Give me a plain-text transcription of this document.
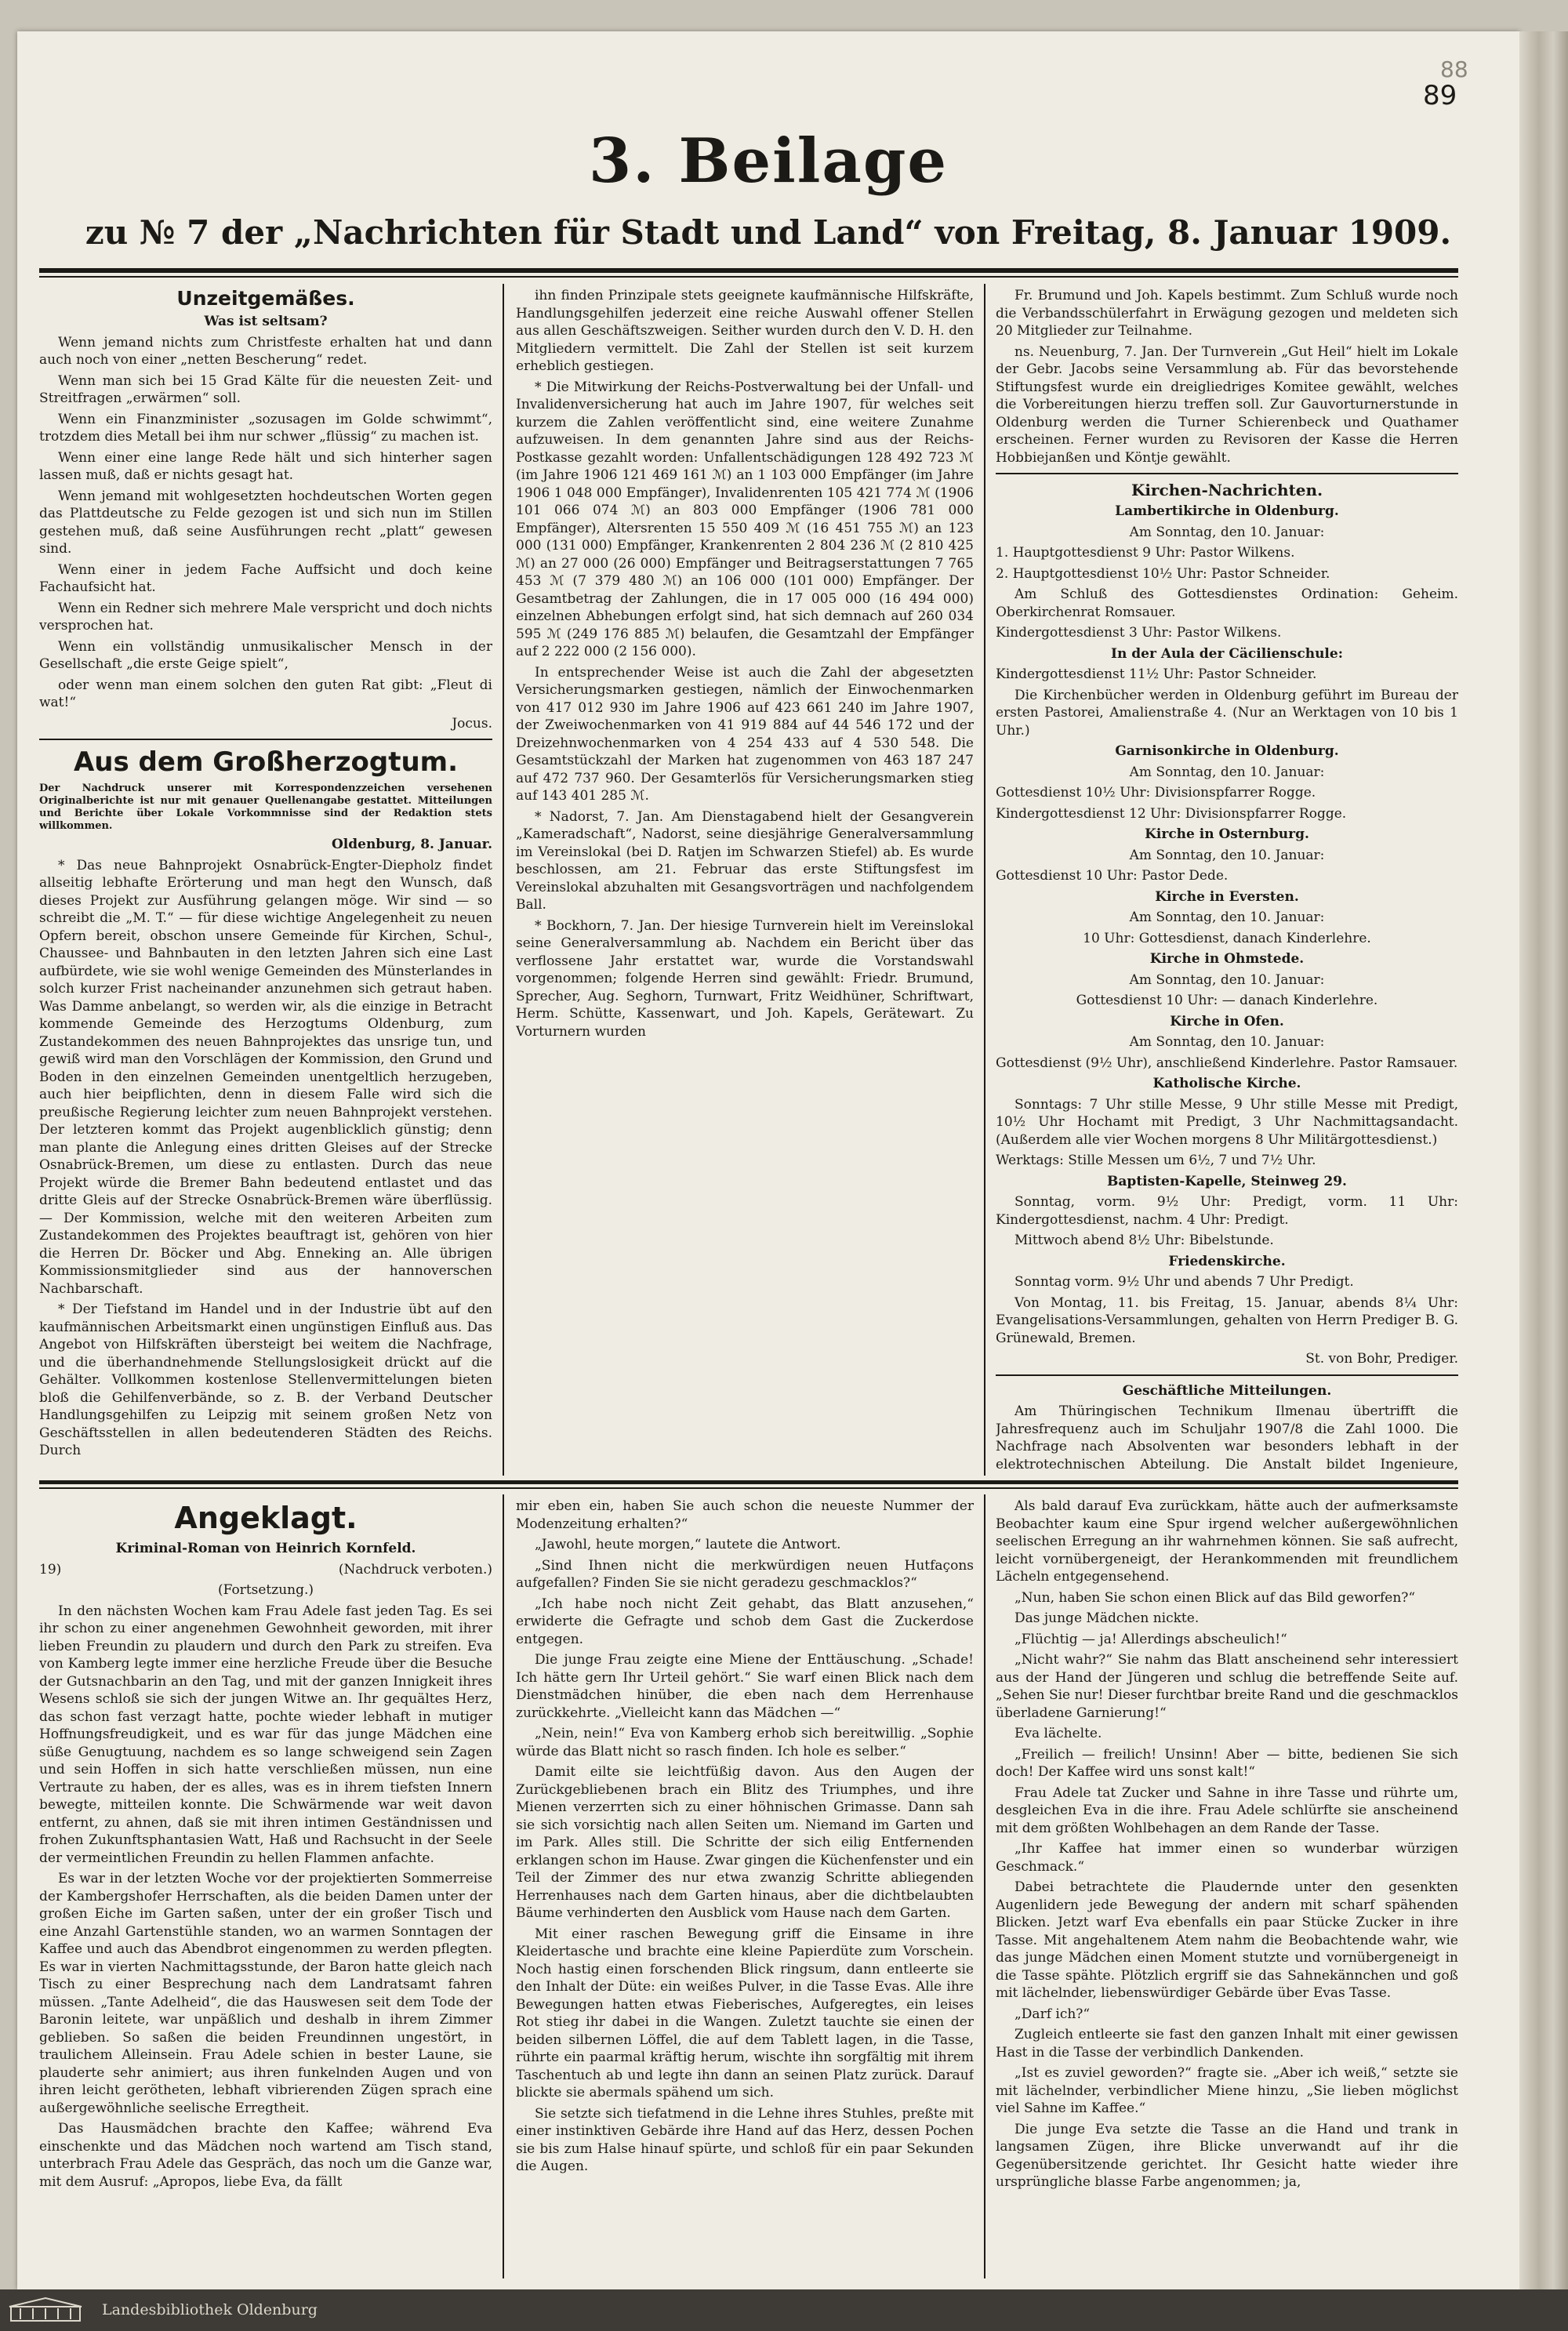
88
89
3. Beilage
zu № 7 der „Nachrichten für Stadt und Land“ von Freitag, 8. Januar 1909.
Unzeitgemäßes.

Was ist seltsam?

Wenn jemand nichts zum Christfeste erhalten hat und dann auch noch von einer „netten Bescherung“ redet.

Wenn man sich bei 15 Grad Kälte für die neuesten Zeit- und Streitfragen „erwärmen“ soll.

Wenn ein Finanzminister „sozusagen im Golde schwimmt“, trotzdem dies Metall bei ihm nur schwer „flüssig“ zu machen ist.

Wenn einer eine lange Rede hält und sich hinterher sagen lassen muß, daß er nichts gesagt hat.

Wenn jemand mit wohlgesetzten hochdeutschen Worten gegen das Plattdeutsche zu Felde gezogen ist und sich nun im Stillen gestehen muß, daß seine Ausführungen recht „platt“ gewesen sind.

Wenn einer in jedem Fache Auffsicht und doch keine Fachaufsicht hat.

Wenn ein Redner sich mehrere Male verspricht und doch nichts versprochen hat.

Wenn ein vollständig unmusikalischer Mensch in der Gesellschaft „die erste Geige spielt“,

oder wenn man einem solchen den guten Rat gibt: „Fleut di wat!“

Jocus.

Aus dem Großherzogtum.

Der Nachdruck unserer mit Korrespondenzzeichen versehenen Originalberichte ist nur mit genauer Quellenangabe gestattet. Mitteilungen und Berichte über Lokale Vorkommnisse sind der Redaktion stets willkommen.

Oldenburg, 8. Januar.

* Das neue Bahnprojekt Osnabrück-Engter-Diepholz findet allseitig lebhafte Erörterung und man hegt den Wunsch, daß dieses Projekt zur Ausführung gelangen möge. Wir sind — so schreibt die „M. T.“ — für diese wichtige Angelegenheit zu neuen Opfern bereit, obschon unsere Gemeinde für Kirchen, Schul-, Chaussee- und Bahnbauten in den letzten Jahren sich eine Last aufbürdete, wie sie wohl wenige Gemeinden des Münsterlandes in solch kurzer Frist nacheinander anzunehmen sich getraut haben. Was Damme anbelangt, so werden wir, als die einzige in Betracht kommende Gemeinde des Herzogtums Oldenburg, zum Zustandekommen des neuen Bahnprojektes das unsrige tun, und gewiß wird man den Vorschlägen der Kommission, den Grund und Boden in den einzelnen Gemeinden unentgeltlich herzugeben, auch hier beipflichten, denn in diesem Falle wird sich die preußische Regierung leichter zum neuen Bahnprojekt verstehen. Der letzteren kommt das Projekt augenblicklich günstig; denn man plante die Anlegung eines dritten Gleises auf der Strecke Osnabrück-Bremen, um diese zu entlasten. Durch das neue Projekt würde die Bremer Bahn bedeutend entlastet und das dritte Gleis auf der Strecke Osnabrück-Bremen wäre überflüssig. — Der Kommission, welche mit den weiteren Arbeiten zum Zustandekommen des Projektes beauftragt ist, gehören von hier die Herren Dr. Böcker und Abg. Enneking an. Alle übrigen Kommissionsmitglieder sind aus der hannoverschen Nachbarschaft.

* Der Tiefstand im Handel und in der Industrie übt auf den kaufmännischen Arbeitsmarkt einen ungünstigen Einfluß aus. Das Angebot von Hilfskräften übersteigt bei weitem die Nachfrage, und die überhandnehmende Stellungslosigkeit drückt auf die Gehälter. Vollkommen kostenlose Stellenvermittelungen bieten bloß die Gehilfenverbände, so z. B. der Verband Deutscher Handlungsgehilfen zu Leipzig mit seinem großen Netz von Geschäftsstellen in allen bedeutenderen Städten des Reichs. Durch

ihn finden Prinzipale stets geeignete kaufmännische Hilfskräfte, Handlungsgehilfen jederzeit eine reiche Auswahl offener Stellen aus allen Geschäftszweigen. Seither wurden durch den V. D. H. den Mitgliedern vermittelt. Die Zahl der Stellen ist seit kurzem erheblich gestiegen.

* Die Mitwirkung der Reichs-Postverwaltung bei der Unfall- und Invalidenversicherung hat auch im Jahre 1907, für welches seit kurzem die Zahlen veröffentlicht sind, eine weitere Zunahme aufzuweisen. In dem genannten Jahre sind aus der Reichs-Postkasse gezahlt worden: Unfallentschädigungen 128 492 723 ℳ (im Jahre 1906 121 469 161 ℳ) an 1 103 000 Empfänger (im Jahre 1906 1 048 000 Empfänger), Invalidenrenten 105 421 774 ℳ (1906 101 066 074 ℳ) an 803 000 Empfänger (1906 781 000 Empfänger), Altersrenten 15 550 409 ℳ (16 451 755 ℳ) an 123 000 (131 000) Empfänger, Krankenrenten 2 804 236 ℳ (2 810 425 ℳ) an 27 000 (26 000) Empfänger und Beitragserstattungen 7 765 453 ℳ (7 379 480 ℳ) an 106 000 (101 000) Empfänger. Der Gesamtbetrag der Zahlungen, die in 17 005 000 (16 494 000) einzelnen Abhebungen erfolgt sind, hat sich demnach auf 260 034 595 ℳ (249 176 885 ℳ) belaufen, die Gesamtzahl der Empfänger auf 2 222 000 (2 156 000).

In entsprechender Weise ist auch die Zahl der abgesetzten Versicherungsmarken gestiegen, nämlich der Einwochenmarken von 417 012 930 im Jahre 1906 auf 423 661 240 im Jahre 1907, der Zweiwochenmarken von 41 919 884 auf 44 546 172 und der Dreizehnwochenmarken von 4 254 433 auf 4 530 548. Die Gesamtstückzahl der Marken hat zugenommen von 463 187 247 auf 472 737 960. Der Gesamterlös für Versicherungsmarken stieg auf 143 401 285 ℳ.

* Nadorst, 7. Jan. Am Dienstagabend hielt der Gesangverein „Kameradschaft“, Nadorst, seine diesjährige Generalversammlung im Vereinslokal (bei D. Ratjen im Schwarzen Stiefel) ab. Es wurde beschlossen, am 21. Februar das erste Stiftungsfest im Vereinslokal abzuhalten mit Gesangsvorträgen und nachfolgendem Ball.

* Bockhorn, 7. Jan. Der hiesige Turnverein hielt im Vereinslokal seine Generalversammlung ab. Nachdem ein Bericht über das verflossene Jahr erstattet war, wurde die Vorstandswahl vorgenommen; folgende Herren sind gewählt: Friedr. Brumund, Sprecher, Aug. Seghorn, Turnwart, Fritz Weidhüner, Schriftwart, Herm. Schütte, Kassenwart, und Joh. Kapels, Gerätewart. Zu Vorturnern wurden

Fr. Brumund und Joh. Kapels bestimmt. Zum Schluß wurde noch die Verbandsschülerfahrt in Erwägung gezogen und meldeten sich 20 Mitglieder zur Teilnahme.

ns. Neuenburg, 7. Jan. Der Turnverein „Gut Heil“ hielt im Lokale der Gebr. Jacobs seine Versammlung ab. Für das bevorstehende Stiftungsfest wurde ein dreigliedriges Komitee gewählt, welches die Vorbereitungen hierzu treffen soll. Zur Gauvorturnerstunde in Oldenburg werden die Turner Schierenbeck und Quathamer erscheinen. Ferner wurden zu Revisoren der Kasse die Herren Hobbiejanßen und Köntje gewählt.

Kirchen-Nachrichten.

Lambertikirche in Oldenburg.

Am Sonntag, den 10. Januar:

1. Hauptgottesdienst 9 Uhr: Pastor Wilkens.

2. Hauptgottesdienst 10½ Uhr: Pastor Schneider.

Am Schluß des Gottesdienstes Ordination: Geheim. Oberkirchenrat Romsauer.

Kindergottesdienst 3 Uhr: Pastor Wilkens.

In der Aula der Cäcilienschule:

Kindergottesdienst 11½ Uhr: Pastor Schneider.

Die Kirchenbücher werden in Oldenburg geführt im Bureau der ersten Pastorei, Amalienstraße 4. (Nur an Werktagen von 10 bis 1 Uhr.)

Garnisonkirche in Oldenburg.

Am Sonntag, den 10. Januar:

Gottesdienst 10½ Uhr: Divisionspfarrer Rogge.

Kindergottesdienst 12 Uhr: Divisionspfarrer Rogge.

Kirche in Osternburg.

Am Sonntag, den 10. Januar:

Gottesdienst 10 Uhr: Pastor Dede.

Kirche in Eversten.

Am Sonntag, den 10. Januar:

10 Uhr: Gottesdienst, danach Kinderlehre.

Kirche in Ohmstede.

Am Sonntag, den 10. Januar:

Gottesdienst 10 Uhr: — danach Kinderlehre.

Kirche in Ofen.

Am Sonntag, den 10. Januar:

Gottesdienst (9½ Uhr), anschließend Kinderlehre. Pastor Ramsauer.

Katholische Kirche.

Sonntags: 7 Uhr stille Messe, 9 Uhr stille Messe mit Predigt, 10½ Uhr Hochamt mit Predigt, 3 Uhr Nachmittagsandacht. (Außerdem alle vier Wochen morgens 8 Uhr Militärgottesdienst.)

Werktags: Stille Messen um 6½, 7 und 7½ Uhr.

Baptisten-Kapelle, Steinweg 29.

Sonntag, vorm. 9½ Uhr: Predigt, vorm. 11 Uhr: Kindergottesdienst, nachm. 4 Uhr: Predigt.

Mittwoch abend 8½ Uhr: Bibelstunde.

Friedenskirche.

Sonntag vorm. 9½ Uhr und abends 7 Uhr Predigt.

Von Montag, 11. bis Freitag, 15. Januar, abends 8¼ Uhr: Evangelisations-Versammlungen, gehalten von Herrn Prediger B. G. Grünewald, Bremen.

St. von Bohr, Prediger.

Geschäftliche Mitteilungen.

Am Thüringischen Technikum Ilmenau übertrifft die Jahresfrequenz auch im Schuljahr 1907/8 die Zahl 1000. Die Nachfrage nach Absolventen war besonders lebhaft in der elektrotechnischen Abteilung. Die Anstalt bildet Ingenieure,

Angeklagt.

Kriminal-Roman von Heinrich Kornfeld.

19)	(Nachdruck verboten.)

(Fortsetzung.)

In den nächsten Wochen kam Frau Adele fast jeden Tag. Es sei ihr schon zu einer angenehmen Gewohnheit geworden, mit ihrer lieben Freundin zu plaudern und durch den Park zu streifen. Eva von Kamberg legte immer eine herzliche Freude über die Besuche der Gutsnachbarin an den Tag, und mit der ganzen Innigkeit ihres Wesens schloß sie sich der jungen Witwe an. Ihr gequältes Herz, das schon fast verzagt hatte, pochte wieder lebhaft in mutiger Hoffnungsfreudigkeit, und es war für das junge Mädchen eine süße Genugtuung, nachdem es so lange schweigend sein Zagen und sein Hoffen in sich hatte verschließen müssen, nun eine Vertraute zu haben, der es alles, was es in ihrem tiefsten Innern bewegte, mitteilen konnte. Die Schwärmende war weit davon entfernt, zu ahnen, daß sie mit ihren intimen Geständnissen und frohen Zukunftsphantasien Watt, Haß und Rachsucht in der Seele der vermeintlichen Freundin zu hellen Flammen anfachte.

Es war in der letzten Woche vor der projektierten Sommerreise der Kambergshofer Herrschaften, als die beiden Damen unter der großen Eiche im Garten saßen, unter der ein großer Tisch und eine Anzahl Gartenstühle standen, wo an warmen Sonntagen der Kaffee und auch das Abendbrot eingenommen zu werden pflegten. Es war in vierten Nachmittagsstunde, der Baron hatte gleich nach Tisch zu einer Besprechung nach dem Landratsamt fahren müssen. „Tante Adelheid“, die das Hauswesen seit dem Tode der Baronin leitete, war unpäßlich und deshalb in ihrem Zimmer geblieben. So saßen die beiden Freundinnen ungestört, in traulichem Alleinsein. Frau Adele schien in bester Laune, sie plauderte sehr animiert; aus ihren funkelnden Augen und von ihren leicht gerötheten, lebhaft vibrierenden Zügen sprach eine außergewöhnliche seelische Erregtheit.

Das Hausmädchen brachte den Kaffee; während Eva einschenkte und das Mädchen noch wartend am Tisch stand, unterbrach Frau Adele das Gespräch, das noch um die Ganze war, mit dem Ausruf: „Apropos, liebe Eva, da fällt

mir eben ein, haben Sie auch schon die neueste Nummer der Modenzeitung erhalten?“

„Jawohl, heute morgen,“ lautete die Antwort.

„Sind Ihnen nicht die merkwürdigen neuen Hutfaçons aufgefallen? Finden Sie sie nicht geradezu geschmacklos?“

„Ich habe noch nicht Zeit gehabt, das Blatt anzusehen,“ erwiderte die Gefragte und schob dem Gast die Zuckerdose entgegen.

Die junge Frau zeigte eine Miene der Enttäuschung. „Schade! Ich hätte gern Ihr Urteil gehört.“ Sie warf einen Blick nach dem Dienstmädchen hinüber, die eben nach dem Herrenhause zurückkehrte. „Vielleicht kann das Mädchen —“

„Nein, nein!“ Eva von Kamberg erhob sich bereitwillig. „Sophie würde das Blatt nicht so rasch finden. Ich hole es selber.“

Damit eilte sie leichtfüßig davon. Aus den Augen der Zurückgebliebenen brach ein Blitz des Triumphes, und ihre Mienen verzerrten sich zu einer höhnischen Grimasse. Dann sah sie sich vorsichtig nach allen Seiten um. Niemand im Garten und im Park. Alles still. Die Schritte der sich eilig Entfernenden erklangen schon im Hause. Zwar gingen die Küchenfenster und ein Teil der Zimmer des nur etwa zwanzig Schritte abliegenden Herrenhauses nach dem Garten hinaus, aber die dichtbelaubten Bäume verhinderten den Ausblick vom Hause nach dem Garten.

Mit einer raschen Bewegung griff die Einsame in ihre Kleidertasche und brachte eine kleine Papierdüte zum Vorschein. Noch hastig einen forschenden Blick ringsum, dann entleerte sie den Inhalt der Düte: ein weißes Pulver, in die Tasse Evas. Alle ihre Bewegungen hatten etwas Fieberisches, Aufgeregtes, ein leises Rot stieg ihr dabei in die Wangen. Zuletzt tauchte sie einen der beiden silbernen Löffel, die auf dem Tablett lagen, in die Tasse, rührte ein paarmal kräftig herum, wischte ihn sorgfältig mit ihrem Taschentuch ab und legte ihn dann an seinen Platz zurück. Darauf blickte sie abermals spähend um sich.

Sie setzte sich tiefatmend in die Lehne ihres Stuhles, preßte mit einer instinktiven Gebärde ihre Hand auf das Herz, dessen Pochen sie bis zum Halse hinauf spürte, und schloß für ein paar Sekunden die Augen.

Als bald darauf Eva zurückkam, hätte auch der aufmerksamste Beobachter kaum eine Spur irgend welcher außergewöhnlichen seelischen Erregung an ihr wahrnehmen können. Sie saß aufrecht, leicht vornübergeneigt, der Herankommenden mit freundlichem Lächeln entgegensehend.

„Nun, haben Sie schon einen Blick auf das Bild geworfen?“

Das junge Mädchen nickte.

„Flüchtig — ja! Allerdings abscheulich!“

„Nicht wahr?“ Sie nahm das Blatt anscheinend sehr interessiert aus der Hand der Jüngeren und schlug die betreffende Seite auf. „Sehen Sie nur! Dieser furchtbar breite Rand und die geschmacklos überladene Garnierung!“

Eva lächelte.

„Freilich — freilich! Unsinn! Aber — bitte, bedienen Sie sich doch! Der Kaffee wird uns sonst kalt!“

Frau Adele tat Zucker und Sahne in ihre Tasse und rührte um, desgleichen Eva in die ihre. Frau Adele schlürfte sie anscheinend mit dem größten Wohlbehagen an dem Rande der Tasse.

„Ihr Kaffee hat immer einen so wunderbar würzigen Geschmack.“

Dabei betrachtete die Plaudernde unter den gesenkten Augenlidern jede Bewegung der andern mit scharf spähenden Blicken. Jetzt warf Eva ebenfalls ein paar Stücke Zucker in ihre Tasse. Mit angehaltenem Atem nahm die Beobachtende wahr, wie das junge Mädchen einen Moment stutzte und vornübergeneigt in die Tasse spähte. Plötzlich ergriff sie das Sahnekännchen und goß mit lächelnder, liebenswürdiger Gebärde über Evas Tasse.

„Darf ich?“

Zugleich entleerte sie fast den ganzen Inhalt mit einer gewissen Hast in die Tasse der verbindlich Dankenden.

„Ist es zuviel geworden?“ fragte sie. „Aber ich weiß,“ setzte sie mit lächelnder, verbindlicher Miene hinzu, „Sie lieben möglichst viel Sahne im Kaffee.“

Die junge Eva setzte die Tasse an die Hand und trank in langsamen Zügen, ihre Blicke unverwandt auf ihr die Gegenübersitzende gerichtet. Ihr Gesicht hatte wieder ihre ursprüngliche blasse Farbe angenommen; ja,

Landesbibliothek Oldenburg
